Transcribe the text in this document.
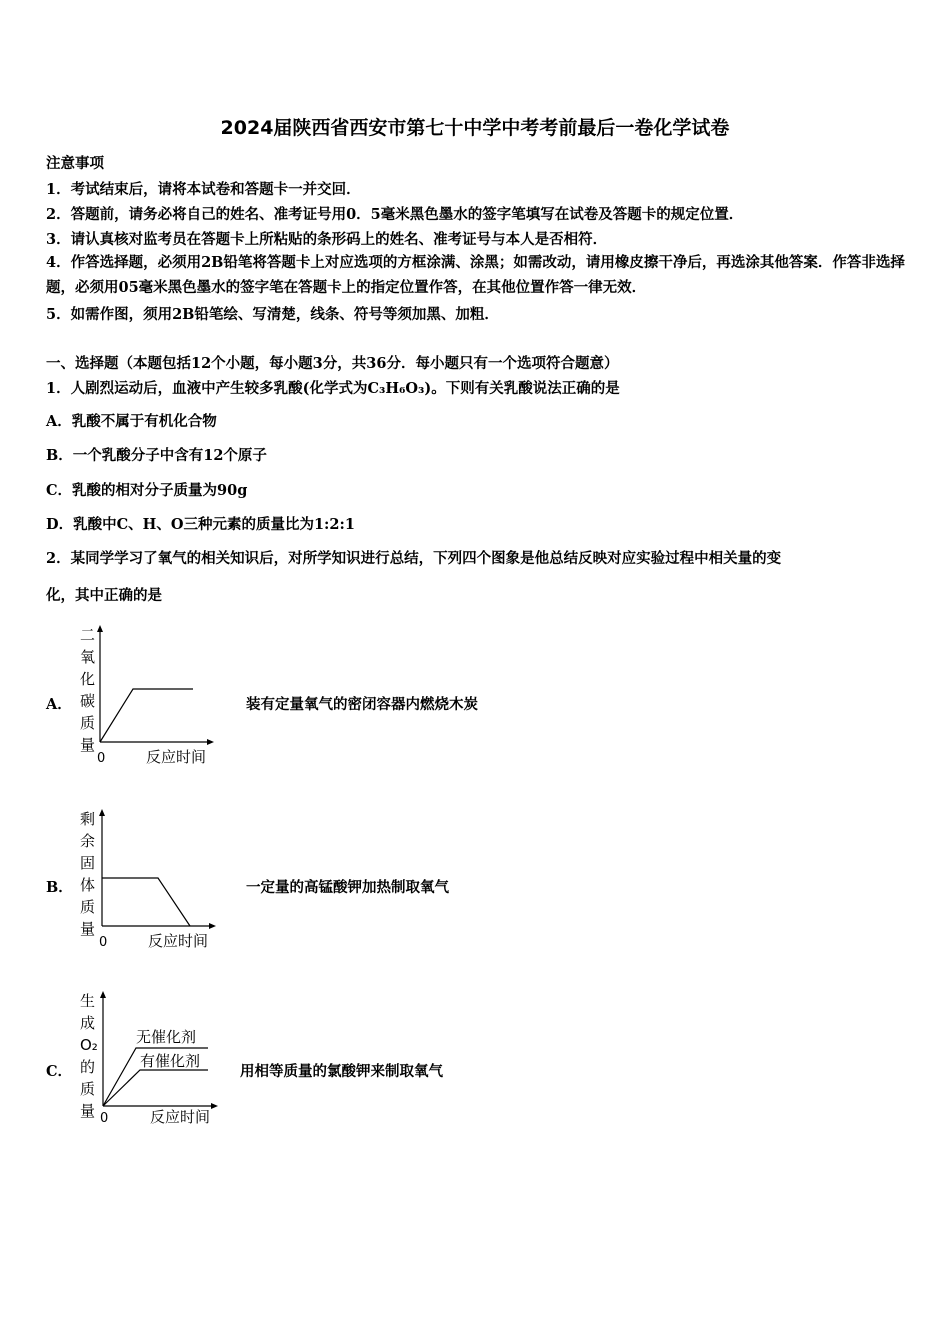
2024届陕西省西安市第七十中学中考考前最后一卷化学试卷
注意事项
1．考试结束后，请将本试卷和答题卡一并交回．
2．答题前，请务必将自己的姓名、准考证号用0．5毫米黑色墨水的签字笔填写在试卷及答题卡的规定位置．
3．请认真核对监考员在答题卡上所粘贴的条形码上的姓名、准考证号与本人是否相符．
4．作答选择题，必须用2B铅笔将答题卡上对应选项的方框涂满、涂黑；如需改动，请用橡皮擦干净后，再选涂其他答案．作答非选择题，必须用05毫米黑色墨水的签字笔在答题卡上的指定位置作答，在其他位置作答一律无效．
5．如需作图，须用2B铅笔绘、写清楚，线条、符号等须加黑、加粗．
一、选择题（本题包括12个小题，每小题3分，共36分．每小题只有一个选项符合题意）
1．人剧烈运动后，血液中产生较多乳酸(化学式为C₃H₆O₃)。下则有关乳酸说法正确的是
A．乳酸不属于有机化合物
B．一个乳酸分子中含有12个原子
C．乳酸的相对分子质量为90g
D．乳酸中C、H、O三种元素的质量比为1:2:1
2．某同学学习了氧气的相关知识后，对所学知识进行总结，下列四个图象是他总结反映对应实验过程中相关量的变
化，其中正确的是
A．
二
氧
化
碳
质
量
0	反应时间
装有定量氧气的密闭容器内燃烧木炭
B．
剩
余
固
体
质
量
0	反应时间
一定量的高锰酸钾加热制取氧气
C．
生
成
O₂
的
质
量 0	反应时间
无催化剂
有催化剂
用相等质量的氯酸钾来制取氧气
